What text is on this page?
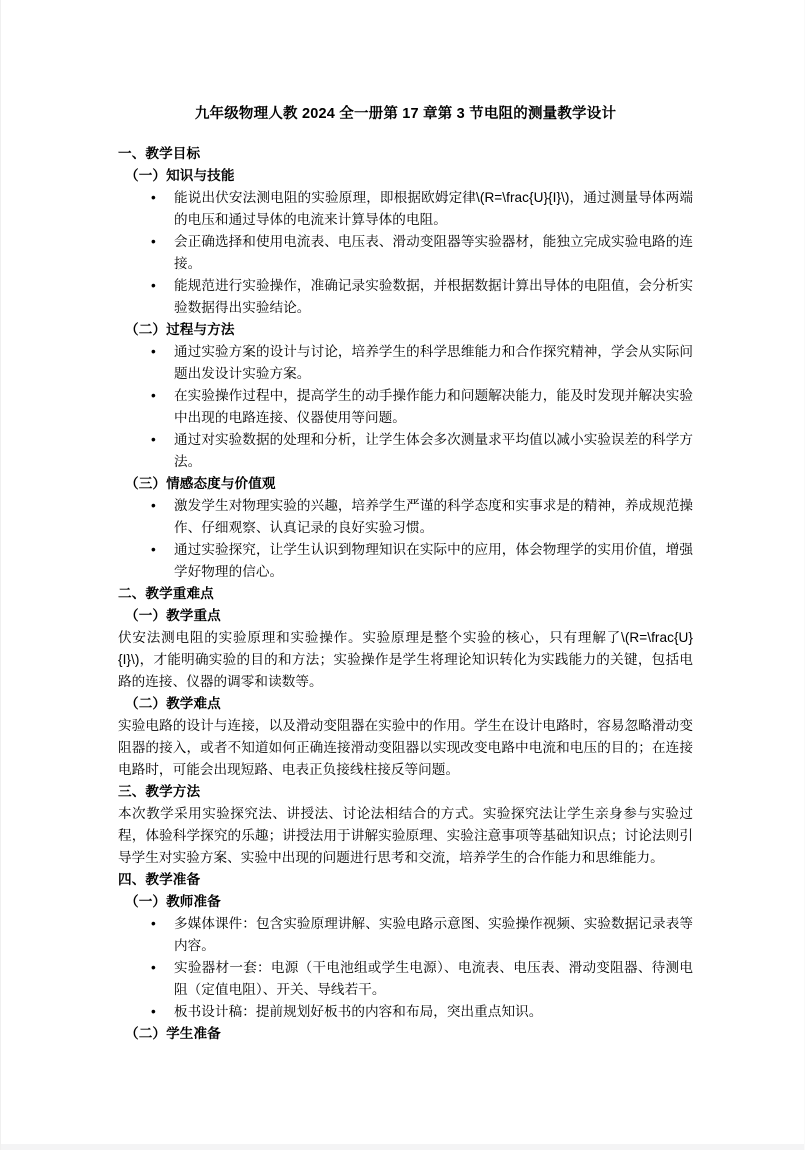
九年级物理人教 2024 全一册第 17 章第 3 节电阻的测量教学设计
一、教学目标
（一）知识与技能
• 能说出伏安法测电阻的实验原理，即根据欧姆定律\(R=\frac{U}{I}\)，通过测量导体两端的电压和通过导体的电流来计算导体的电阻。
• 会正确选择和使用电流表、电压表、滑动变阻器等实验器材，能独立完成实验电路的连接。
• 能规范进行实验操作，准确记录实验数据，并根据数据计算出导体的电阻值，会分析实验数据得出实验结论。
（二）过程与方法
• 通过实验方案的设计与讨论，培养学生的科学思维能力和合作探究精神，学会从实际问题出发设计实验方案。
• 在实验操作过程中，提高学生的动手操作能力和问题解决能力，能及时发现并解决实验中出现的电路连接、仪器使用等问题。
• 通过对实验数据的处理和分析，让学生体会多次测量求平均值以减小实验误差的科学方法。
（三）情感态度与价值观
• 激发学生对物理实验的兴趣，培养学生严谨的科学态度和实事求是的精神，养成规范操作、仔细观察、认真记录的良好实验习惯。
• 通过实验探究，让学生认识到物理知识在实际中的应用，体会物理学的实用价值，增强学好物理的信心。
二、教学重难点
（一）教学重点

伏安法测电阻的实验原理和实验操作。实验原理是整个实验的核心，只有理解了\(R=\frac{U}{I}\)，才能明确实验的目的和方法；实验操作是学生将理论知识转化为实践能力的关键，包括电路的连接、仪器的调零和读数等。

（二）教学难点

实验电路的设计与连接，以及滑动变阻器在实验中的作用。学生在设计电路时，容易忽略滑动变阻器的接入，或者不知道如何正确连接滑动变阻器以实现改变电路中电流和电压的目的；在连接电路时，可能会出现短路、电表正负接线柱接反等问题。

三、教学方法

本次教学采用实验探究法、讲授法、讨论法相结合的方式。实验探究法让学生亲身参与实验过程，体验科学探究的乐趣；讲授法用于讲解实验原理、实验注意事项等基础知识点；讨论法则引导学生对实验方案、实验中出现的问题进行思考和交流，培养学生的合作能力和思维能力。

四、教学准备
（一）教师准备
• 多媒体课件：包含实验原理讲解、实验电路示意图、实验操作视频、实验数据记录表等内容。
• 实验器材一套：电源（干电池组或学生电源）、电流表、电压表、滑动变阻器、待测电阻（定值电阻）、开关、导线若干。
• 板书设计稿：提前规划好板书的内容和布局，突出重点知识。
（二）学生准备
